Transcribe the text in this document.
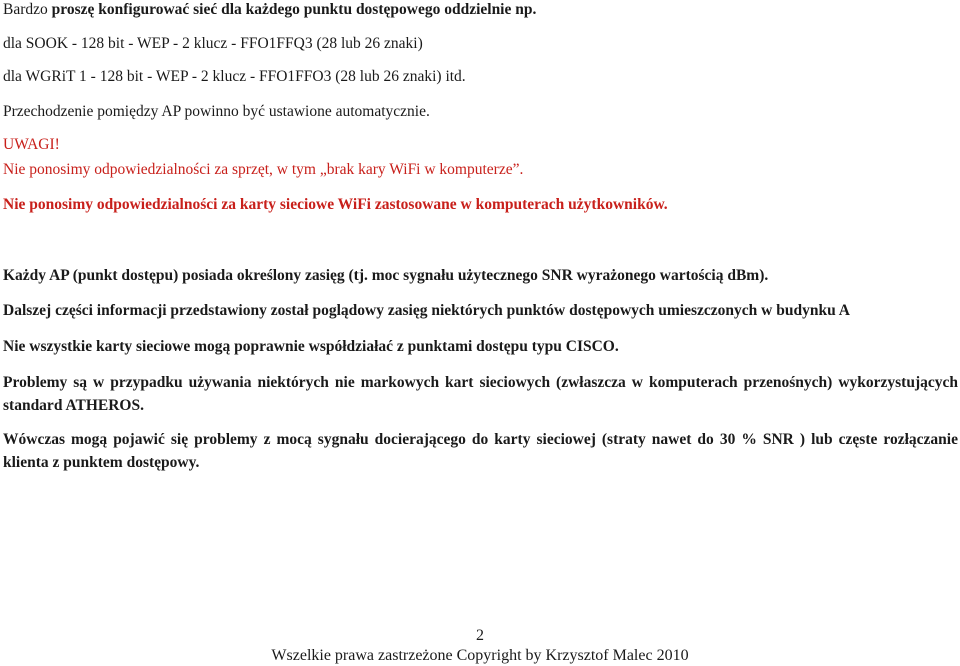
Bardzo proszę konfigurować sieć dla każdego punktu dostępowego oddzielnie np.
dla SOOK - 128 bit - WEP - 2 klucz - FFO1FFQ3 (28 lub 26 znaki)
dla WGRiT 1 - 128 bit - WEP - 2 klucz - FFO1FFO3 (28 lub 26 znaki) itd.
Przechodzenie pomiędzy AP powinno być ustawione automatycznie.
UWAGI!
Nie ponosimy odpowiedzialności za sprzęt, w tym „brak kary WiFi w komputerze”.
Nie ponosimy odpowiedzialności za karty sieciowe WiFi zastosowane w komputerach użytkowników.
Każdy AP (punkt dostępu) posiada określony zasięg (tj. moc sygnału użytecznego SNR wyrażonego wartością dBm).
Dalszej części informacji przedstawiony został poglądowy zasięg niektórych punktów dostępowych umieszczonych w budynku A
Nie wszystkie karty sieciowe mogą poprawnie współdziałać z punktami dostępu typu CISCO.
Problemy są w przypadku używania niektórych nie markowych kart sieciowych (zwłaszcza w komputerach przenośnych) wykorzystujących standard ATHEROS.
Wówczas mogą pojawić się problemy z mocą sygnału docierającego do karty sieciowej (straty nawet do 30 % SNR ) lub częste rozłączanie klienta z punktem dostępowy.
2
Wszelkie prawa zastrzeżone Copyright by Krzysztof Malec 2010
